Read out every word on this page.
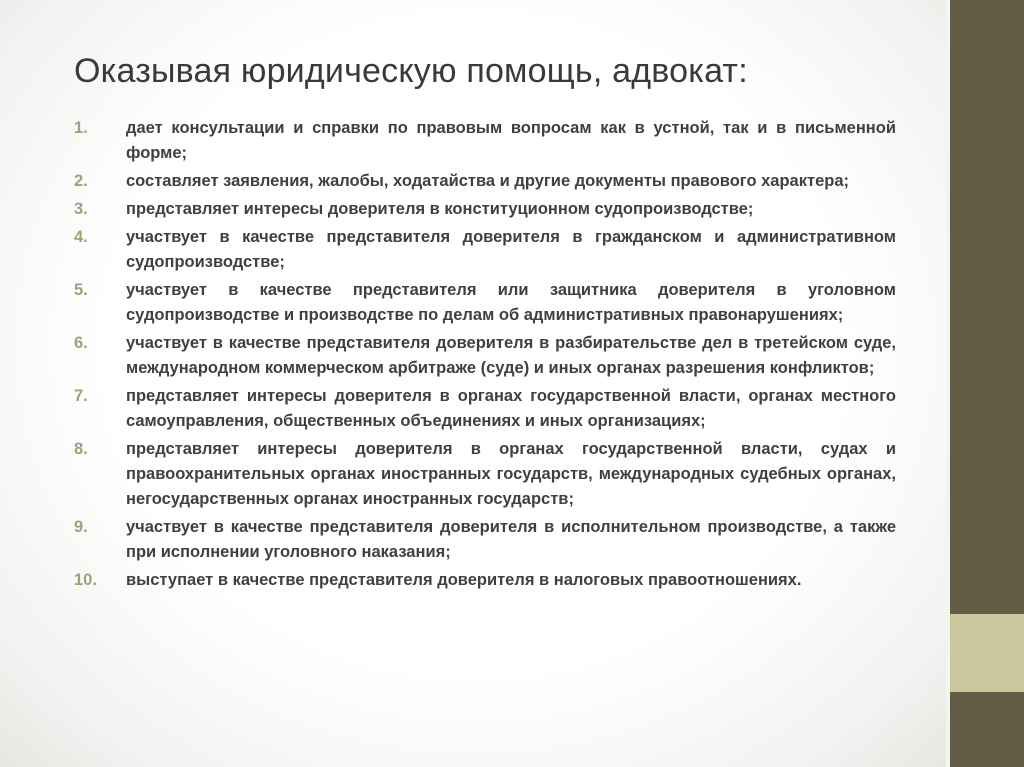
Оказывая юридическую помощь, адвокат:
1.	дает консультации и справки по правовым вопросам как в устной, так и в письменной форме;
2.	составляет заявления, жалобы, ходатайства и другие документы правового характера;
3.	представляет интересы доверителя в конституционном судопроизводстве;
4.	участвует в качестве представителя доверителя в гражданском и административном судопроизводстве;
5.	участвует в качестве представителя или защитника доверителя в уголовном судопроизводстве и производстве по делам об административных правонарушениях;
6.	участвует в качестве представителя доверителя в разбирательстве дел в третейском суде, международном коммерческом арбитраже (суде) и иных органах разрешения конфликтов;
7.	представляет интересы доверителя в органах государственной власти, органах местного самоуправления, общественных объединениях и иных организациях;
8.	представляет интересы доверителя в органах государственной власти, судах и правоохранительных органах иностранных государств, международных судебных органах, негосударственных органах иностранных государств;
9.	участвует в качестве представителя доверителя в исполнительном производстве, а также при исполнении уголовного наказания;
10.	выступает в качестве представителя доверителя в налоговых правоотношениях.
